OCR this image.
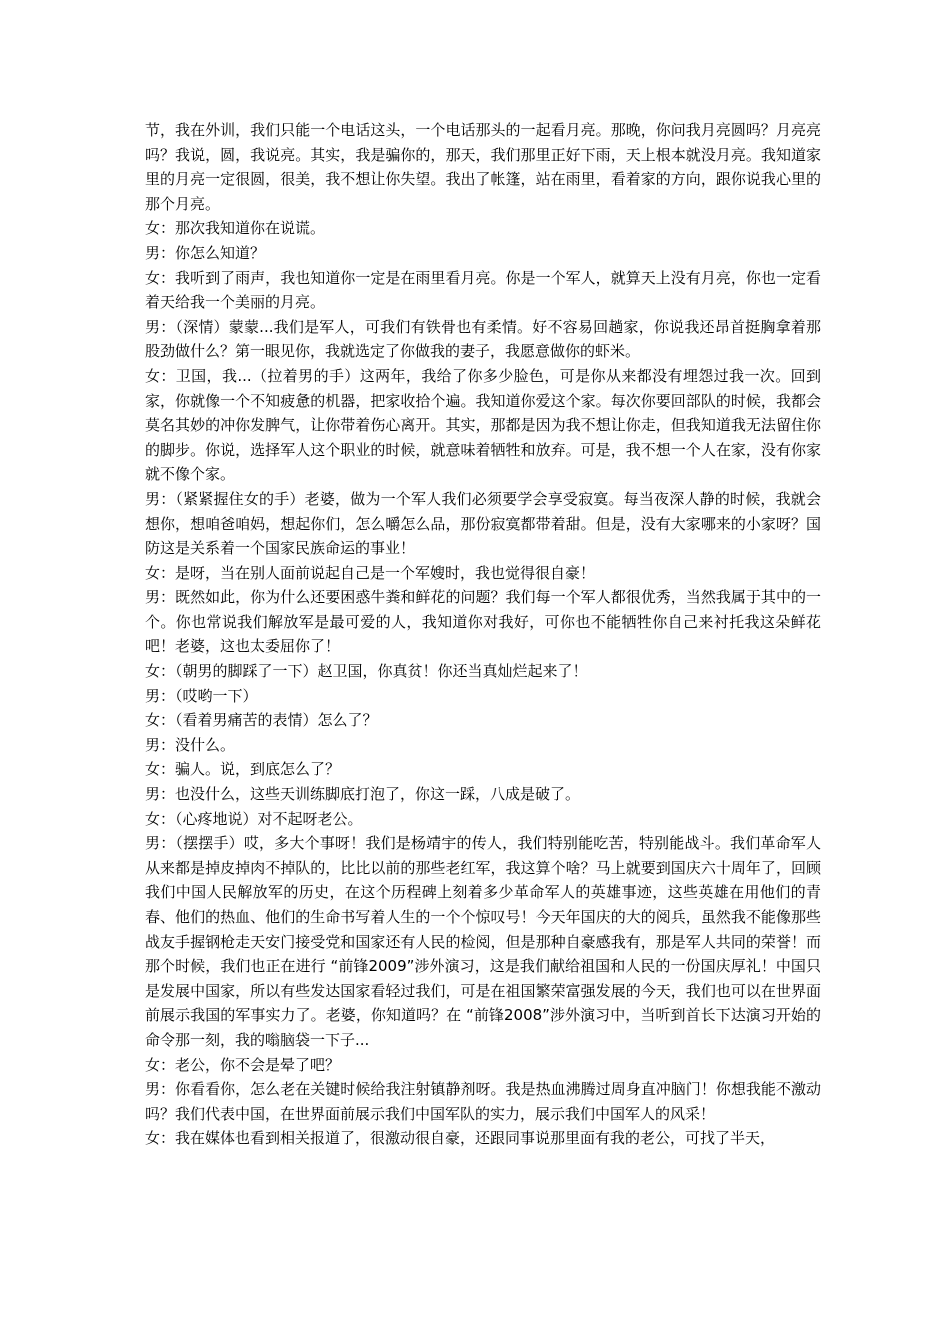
节，我在外训，我们只能一个电话这头，一个电话那头的一起看月亮。那晚，你问我月亮圆吗？月亮亮吗？我说，圆，我说亮。其实，我是骗你的，那天，我们那里正好下雨，天上根本就没月亮。我知道家里的月亮一定很圆，很美，我不想让你失望。我出了帐篷，站在雨里，看着家的方向，跟你说我心里的那个月亮。

女：那次我知道你在说谎。

男：你怎么知道？

女：我听到了雨声，我也知道你一定是在雨里看月亮。你是一个军人，就算天上没有月亮，你也一定看着天给我一个美丽的月亮。

男：（深情）蒙蒙...我们是军人，可我们有铁骨也有柔情。好不容易回趟家，你说我还昂首挺胸拿着那股劲做什么？第一眼见你，我就选定了你做我的妻子，我愿意做你的虾米。

女：卫国，我...（拉着男的手）这两年，我给了你多少脸色，可是你从来都没有埋怨过我一次。回到家，你就像一个不知疲惫的机器，把家收拾个遍。我知道你爱这个家。每次你要回部队的时候，我都会莫名其妙的冲你发脾气，让你带着伤心离开。其实，那都是因为我不想让你走，但我知道我无法留住你的脚步。你说，选择军人这个职业的时候，就意味着牺牲和放弃。可是，我不想一个人在家，没有你家就不像个家。

男：（紧紧握住女的手）老婆，做为一个军人我们必须要学会享受寂寞。每当夜深人静的时候，我就会想你，想咱爸咱妈，想起你们，怎么嚼怎么品，那份寂寞都带着甜。但是，没有大家哪来的小家呀？国防这是关系着一个国家民族命运的事业！

女：是呀，当在别人面前说起自己是一个军嫂时，我也觉得很自豪！

男：既然如此，你为什么还要困惑牛粪和鲜花的问题？我们每一个军人都很优秀，当然我属于其中的一个。你也常说我们解放军是最可爱的人，我知道你对我好，可你也不能牺牲你自己来衬托我这朵鲜花吧！老婆，这也太委屈你了！

女：（朝男的脚踩了一下）赵卫国，你真贫！你还当真灿烂起来了！

男：（哎哟一下）

女：（看着男痛苦的表情）怎么了？

男：没什么。

女：骗人。说，到底怎么了？

男：也没什么，这些天训练脚底打泡了，你这一踩，八成是破了。

女：（心疼地说）对不起呀老公。

男：（摆摆手）哎，多大个事呀！我们是杨靖宇的传人，我们特别能吃苦，特别能战斗。我们革命军人从来都是掉皮掉肉不掉队的，比比以前的那些老红军，我这算个啥？马上就要到国庆六十周年了，回顾我们中国人民解放军的历史，在这个历程碑上刻着多少革命军人的英雄事迹，这些英雄在用他们的青春、他们的热血、他们的生命书写着人生的一个个惊叹号！今天年国庆的大的阅兵，虽然我不能像那些战友手握钢枪走天安门接受党和国家还有人民的检阅，但是那种自豪感我有，那是军人共同的荣誉！而那个时候，我们也正在进行 “前锋2009”涉外演习，这是我们献给祖国和人民的一份国庆厚礼！中国只是发展中国家，所以有些发达国家看轻过我们，可是在祖国繁荣富强发展的今天，我们也可以在世界面前展示我国的军事实力了。老婆，你知道吗？在 “前锋2008”涉外演习中，当听到首长下达演习开始的命令那一刻，我的嗡脑袋一下子...

女：老公，你不会是晕了吧？

男：你看看你，怎么老在关键时候给我注射镇静剂呀。我是热血沸腾过周身直冲脑门！你想我能不激动吗？我们代表中国，在世界面前展示我们中国军队的实力，展示我们中国军人的风采！

女：我在媒体也看到相关报道了，很激动很自豪，还跟同事说那里面有我的老公，可找了半天，
